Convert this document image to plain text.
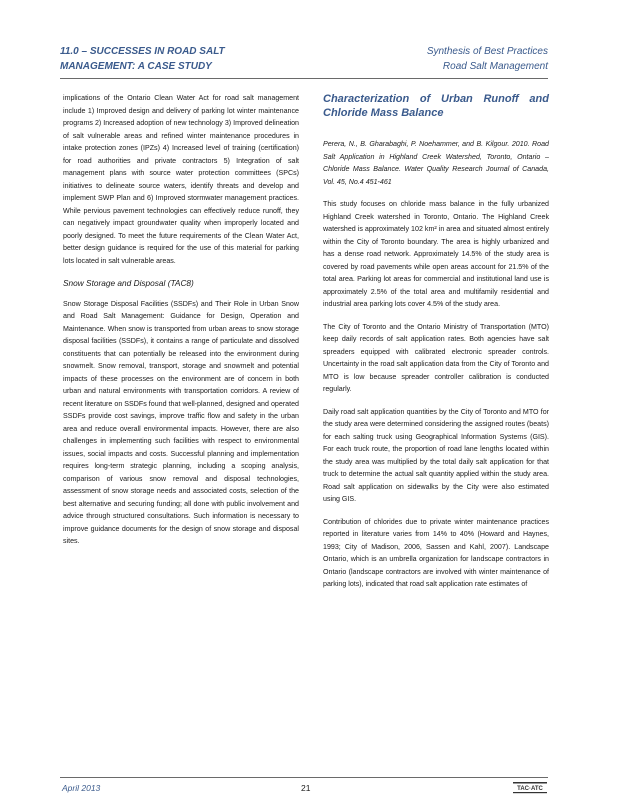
11.0 – SUCCESSES IN ROAD SALT
MANAGEMENT: A CASE STUDY
Synthesis of Best Practices
Road Salt Management

implications of the Ontario Clean Water Act for road salt management include 1) Improved design and delivery of parking lot winter maintenance programs 2) Increased adoption of new technology 3) Improved delineation of salt vulnerable areas and refined winter maintenance procedures in intake protection zones (IPZs) 4) Increased level of training (certification) for road authorities and private contractors 5) Integration of salt management plans with source water protection committees (SPCs) initiatives to delineate source waters, identify threats and develop and implement SWP Plan and 6) Improved stormwater management practices. While pervious pavement technologies can effectively reduce runoff, they can negatively impact groundwater quality when improperly located and poorly designed. To meet the future requirements of the Clean Water Act, better design guidance is required for the use of this material for parking lots located in salt vulnerable areas.

Snow Storage and Disposal (TAC8)

Snow Storage Disposal Facilities (SSDFs) and Their Role in Urban Snow and Road Salt Management: Guidance for Design, Operation and Maintenance. When snow is transported from urban areas to snow storage disposal facilities (SSDFs), it contains a range of particulate and dissolved constituents that can potentially be released into the environment during snowmelt. Snow removal, transport, storage and snowmelt and potential impacts of these processes on the environment are of concern in both urban and natural environments with transportation corridors. A review of recent literature on SSDFs found that well-planned, designed and operated SSDFs provide cost savings, improve traffic flow and safety in the urban area and reduce overall environmental impacts. However, there are also challenges in implementing such facilities with respect to environmental issues, social impacts and costs. Successful planning and implementation requires long-term strategic planning, including a scoping analysis, comparison of various snow removal and disposal technologies, assessment of snow storage needs and associated costs, selection of the best alternative and securing funding; all done with public involvement and advice through structured consultations. Such information is necessary to improve guidance documents for the design of snow storage and disposal sites.

Characterization of Urban Runoff and Chloride Mass Balance

Perera, N., B. Gharabaghi, P. Noehammer, and B. Kilgour. 2010. Road Salt Application in Highland Creek Watershed, Toronto, Ontario – Chloride Mass Balance. Water Quality Research Journal of Canada, Vol. 45, No.4 451-461

This study focuses on chloride mass balance in the fully urbanized Highland Creek watershed in Toronto, Ontario. The Highland Creek watershed is approximately 102 km² in area and situated almost entirely within the City of Toronto boundary. The area is highly urbanized and has a dense road network. Approximately 14.5% of the study area is covered by road pavements while open areas account for 21.5% of the total area. Parking lot areas for commercial and institutional land use is approximately 2.5% of the total area and multifamily residential and industrial area parking lots cover 4.5% of the study area.

The City of Toronto and the Ontario Ministry of Transportation (MTO) keep daily records of salt application rates. Both agencies have salt spreaders equipped with calibrated electronic spreader controls. Uncertainty in the road salt application data from the City of Toronto and MTO is low because spreader controller calibration is conducted regularly.

Daily road salt application quantities by the City of Toronto and MTO for the study area were determined considering the assigned routes (beats) for each salting truck using Geographical Information Systems (GIS). For each truck route, the proportion of road lane lengths located within the study area was multiplied by the total daily salt application for that truck to determine the actual salt quantity applied within the study area. Road salt application on sidewalks by the City were also estimated using GIS.

Contribution of chlorides due to private winter maintenance practices reported in literature varies from 14% to 40% (Howard and Haynes, 1993; City of Madison, 2006, Sassen and Kahl, 2007). Landscape Ontario, which is an umbrella organization for landscape contractors in Ontario (landscape contractors are involved with winter maintenance of parking lots), indicated that road salt application rate estimates of

April 2013	21	TAC·ATC
